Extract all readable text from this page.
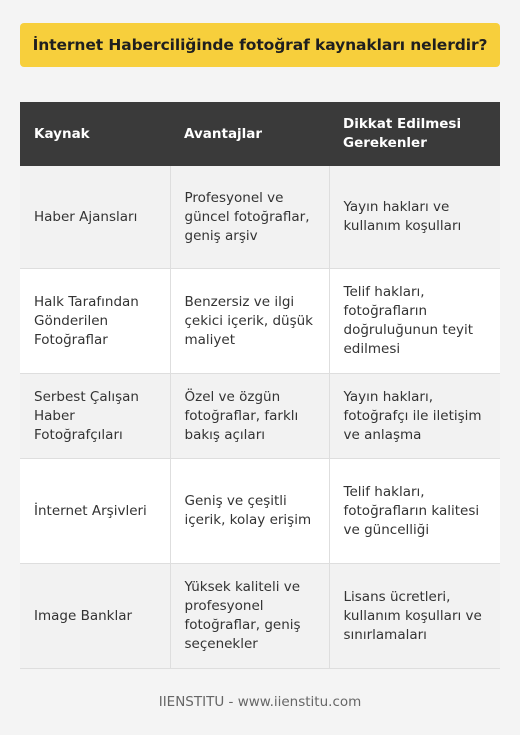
İnternet Haberciliğinde fotoğraf kaynakları nelerdir?
Kaynak	Avantajlar	Dikkat Edilmesi Gerekenler
Haber Ajansları	Profesyonel ve güncel fotoğraflar, geniş arşiv	Yayın hakları ve kullanım koşulları
Halk Tarafından Gönderilen Fotoğraflar	Benzersiz ve ilgi çekici içerik, düşük maliyet	Telif hakları, fotoğrafların doğruluğunun teyit edilmesi
Serbest Çalışan Haber Fotoğrafçıları	Özel ve özgün fotoğraflar, farklı bakış açıları	Yayın hakları, fotoğrafçı ile iletişim ve anlaşma
İnternet Arşivleri	Geniş ve çeşitli içerik, kolay erişim	Telif hakları, fotoğrafların kalitesi ve güncelliği
Image Banklar	Yüksek kaliteli ve profesyonel fotoğraflar, geniş seçenekler	Lisans ücretleri, kullanım koşulları ve sınırlamaları
IIENSTITU - www.iienstitu.com
